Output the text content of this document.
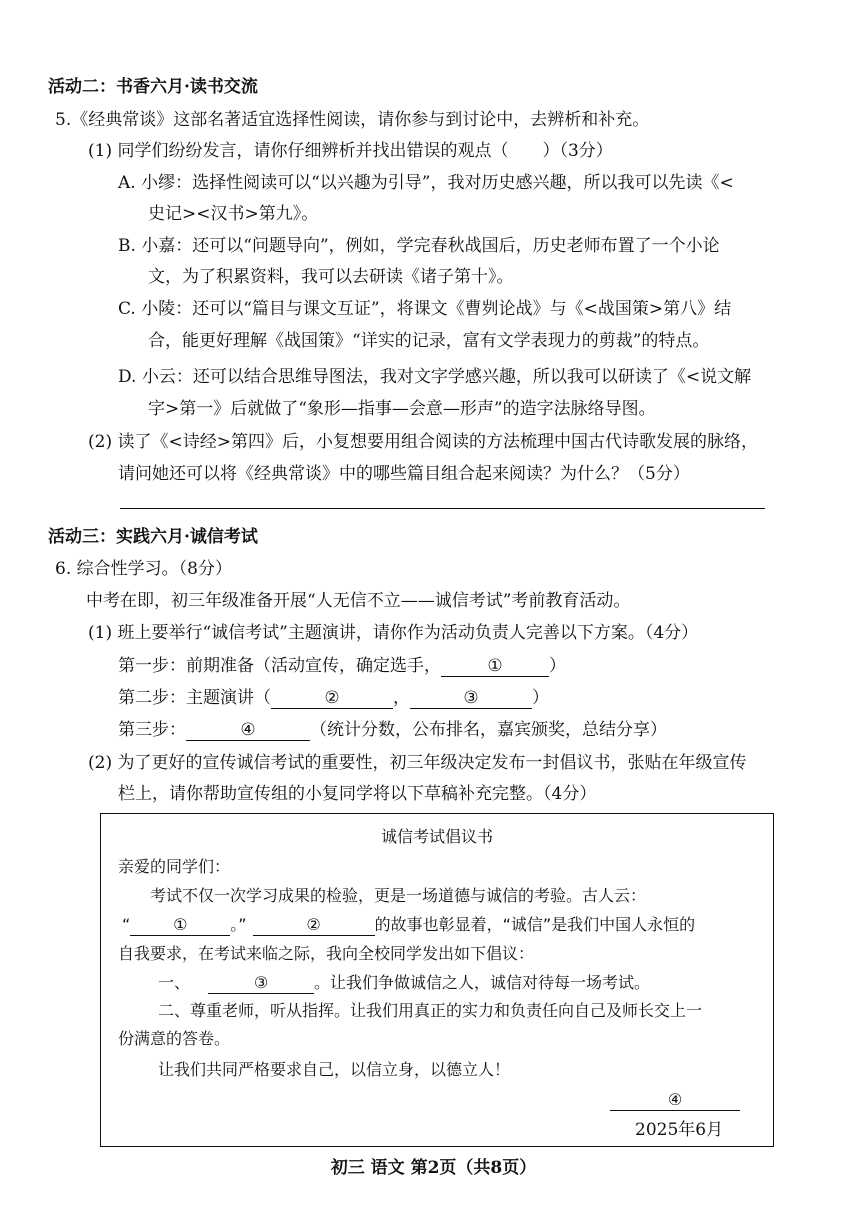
活动二：书香六月·读书交流
5.《经典常谈》这部名著适宜选择性阅读，请你参与到讨论中，去辨析和补充。
(1) 同学们纷纷发言，请你仔细辨析并找出错误的观点（　　）（3分）
A. 小缪：选择性阅读可以“以兴趣为引导”，我对历史感兴趣，所以我可以先读《<
史记><汉书>第九》。
B. 小嘉：还可以“问题导向”，例如，学完春秋战国后，历史老师布置了一个小论
文，为了积累资料，我可以去研读《诸子第十》。
C. 小陵：还可以“篇目与课文互证”，将课文《曹刿论战》与《<战国策>第八》结
合，能更好理解《战国策》“详实的记录，富有文学表现力的剪裁”的特点。
D. 小云：还可以结合思维导图法，我对文字学感兴趣，所以我可以研读了《<说文解
字>第一》后就做了“象形—指事—会意—形声”的造字法脉络导图。
(2) 读了《<诗经>第四》后，小复想要用组合阅读的方法梳理中国古代诗歌发展的脉络，
请问她还可以将《经典常谈》中的哪些篇目组合起来阅读？为什么？（5分）
活动三：实践六月·诚信考试
6. 综合性学习。（8分）
中考在即，初三年级准备开展“人无信不立——诚信考试”考前教育活动。
(1) 班上要举行“诚信考试”主题演讲，请你作为活动负责人完善以下方案。（4分）
第一步：前期准备（活动宣传，确定选手，	①	）
第二步：主题演讲（	②	，	③	）
第三步：	④	（统计分数，公布排名，嘉宾颁奖，总结分享）
(2) 为了更好的宣传诚信考试的重要性，初三年级决定发布一封倡议书，张贴在年级宣传
栏上，请你帮助宣传组的小复同学将以下草稿补充完整。（4分）
诚信考试倡议书
亲爱的同学们：
考试不仅一次学习成果的检验，更是一场道德与诚信的考验。古人云：
“	①	。”	②	的故事也彰显着，“诚信”是我们中国人永恒的
自我要求，在考试来临之际，我向全校同学发出如下倡议：
一、	③	。让我们争做诚信之人，诚信对待每一场考试。
二、尊重老师，听从指挥。让我们用真正的实力和负责任向自己及师长交上一
份满意的答卷。
让我们共同严格要求自己，以信立身，以德立人！
④
2025年6月
初三 语文 第2页（共8页）
